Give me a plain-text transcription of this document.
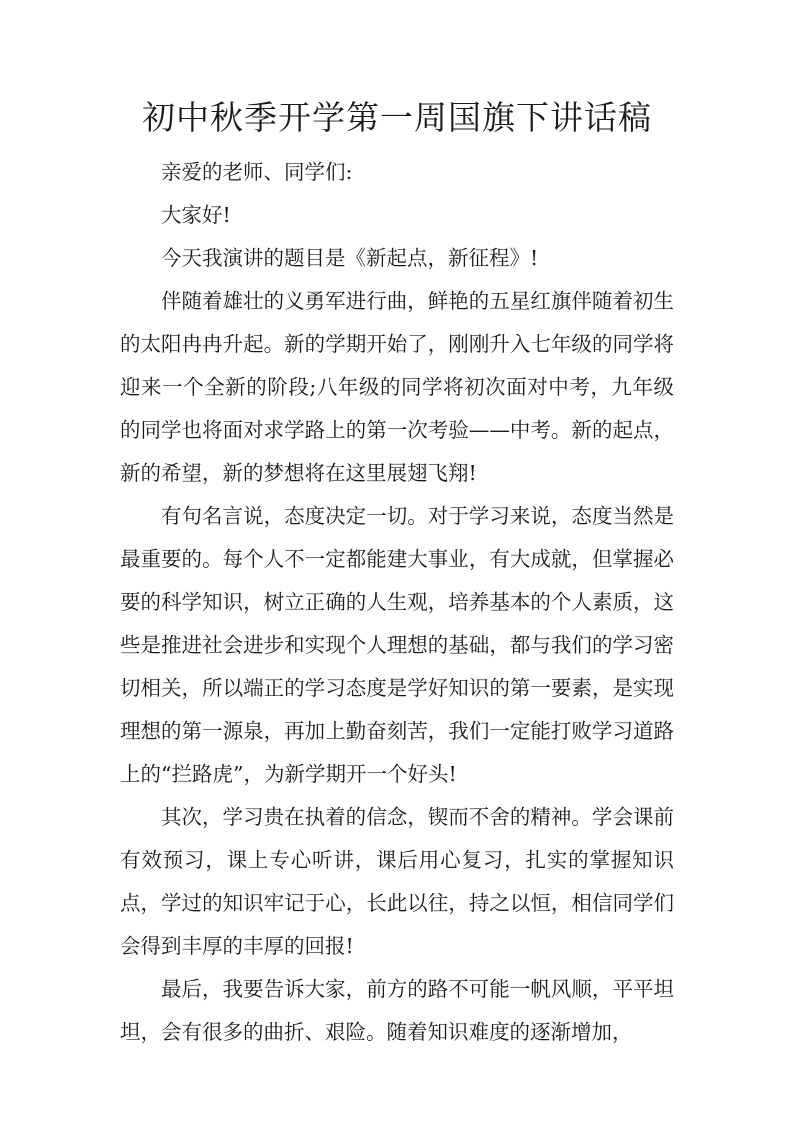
初中秋季开学第一周国旗下讲话稿

亲爱的老师、同学们:

大家好!

今天我演讲的题目是《新起点，新征程》!

伴随着雄壮的义勇军进行曲，鲜艳的五星红旗伴随着初生的太阳冉冉升起。新的学期开始了，刚刚升入七年级的同学将迎来一个全新的阶段;八年级的同学将初次面对中考，九年级的同学也将面对求学路上的第一次考验——中考。新的起点，新的希望，新的梦想将在这里展翅飞翔!

有句名言说，态度决定一切。对于学习来说，态度当然是最重要的。每个人不一定都能建大事业，有大成就，但掌握必要的科学知识，树立正确的人生观，培养基本的个人素质，这些是推进社会进步和实现个人理想的基础，都与我们的学习密切相关，所以端正的学习态度是学好知识的第一要素，是实现理想的第一源泉，再加上勤奋刻苦，我们一定能打败学习道路上的“拦路虎”，为新学期开一个好头!

其次，学习贵在执着的信念，锲而不舍的精神。学会课前有效预习，课上专心听讲，课后用心复习，扎实的掌握知识点，学过的知识牢记于心，长此以往，持之以恒，相信同学们会得到丰厚的丰厚的回报!

最后，我要告诉大家，前方的路不可能一帆风顺，平平坦坦，会有很多的曲折、艰险。随着知识难度的逐渐增加，
